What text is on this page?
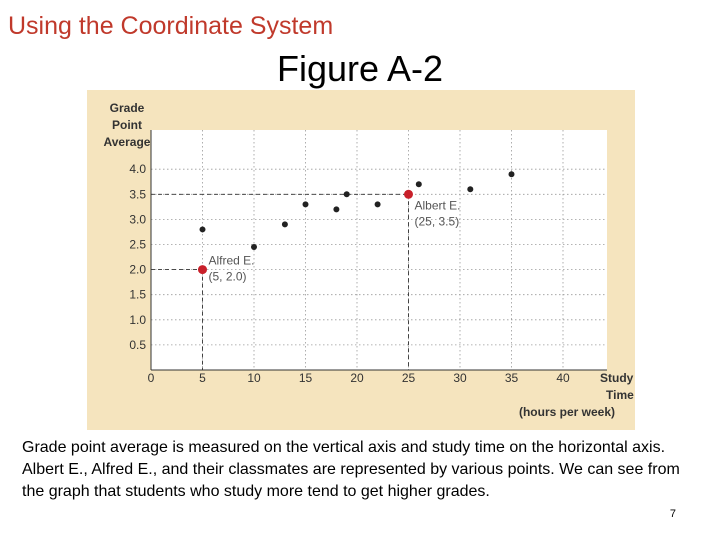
Using the Coordinate System
Figure A-2
0	5	10	15	20	25	30	35	40
0.5
1.0
1.5
2.0
2.5
3.0
3.5
4.0
Grade
Point
Average
Study
Time
(hours per week)
Albert E.
(25, 3.5)
Alfred E.
(5, 2.0)
Grade point average is measured on the vertical axis and study time on the horizontal axis. Albert E., Alfred E., and their classmates are represented by various points. We can see from the graph that students who study more tend to get higher grades.
7
